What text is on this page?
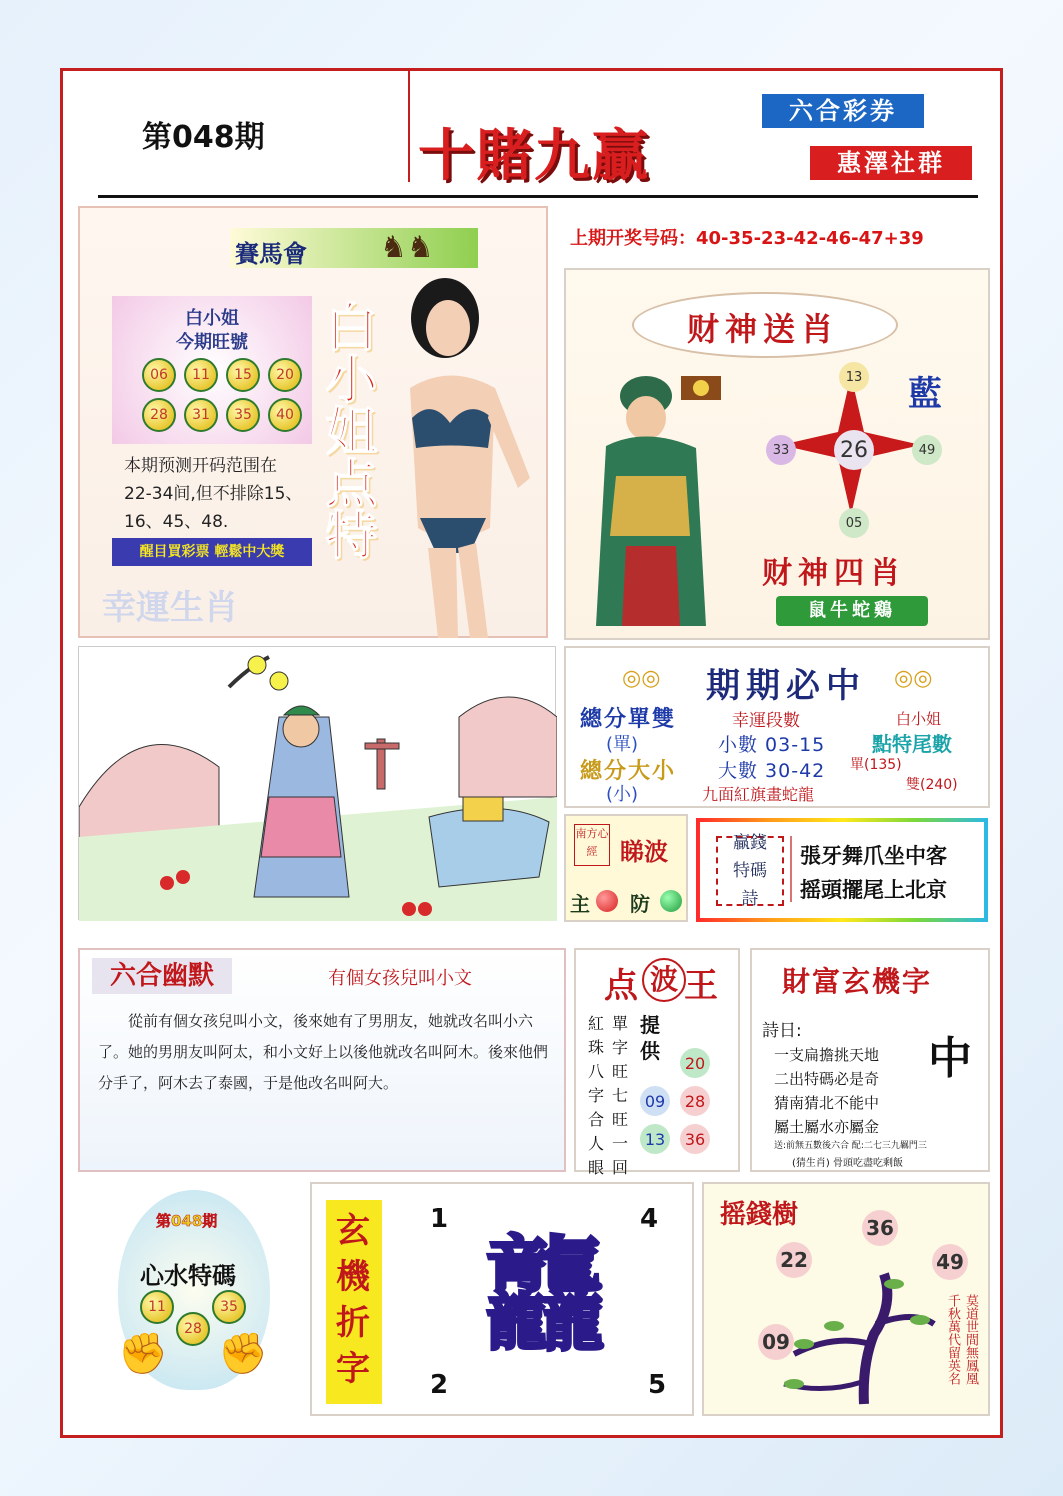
第048期	十賭九贏
六合彩券
惠澤社群
賽馬會 ♞♞
白小姐
今期旺號
06	11	15	20
28	31	35	40 白小姐点特
本期预测开码范围在22-34间,但不排除15、16、45、48.
醒目買彩票 輕鬆中大獎
幸運生肖
上期开奖号码：40-35-23-42-46-47+39
财神送肖
13
33	49
05
26
藍
财神四肖
鼠牛蛇鷄
◎◎ 期期必中 ◎◎
總分單雙
(單)
總分大小
(小)
幸運段數
小數 03-15
大數 30-42
九面紅旗畫蛇龍
白小姐
點特尾數
單(135)
雙(240)
南方心經 睇波
主 防
贏錢特碼詩
張牙舞爪坐中客
摇頭擺尾上北京
六合幽默	有個女孩兒叫小文
從前有個女孩兒叫小文，後來她有了男朋友，她就改名叫小六了。她的男朋友叫阿太，和小文好上以後他就改名叫阿木。後來他們分手了，阿木去了泰國，于是他改名叫阿大。
点 波 王
紅珠八字合人眼
單字旺七旺一回
提供	20
09	28
13	36
財富玄機字
詩日:
一支扁擔挑天地
二出特碼必是奇
猜南猜北不能中
屬土屬水亦屬金
中
送:前無五數後六合 配:二七三九羈門三
(猜生肖) 骨頭吃盡吃剩飯
第048期
心水特碼
11
28
35
✊ ✊
玄機折字
1	4
2	5
龘
摇錢樹	36
22	49
09	莫道世間無鳳凰
千秋萬代留英名
